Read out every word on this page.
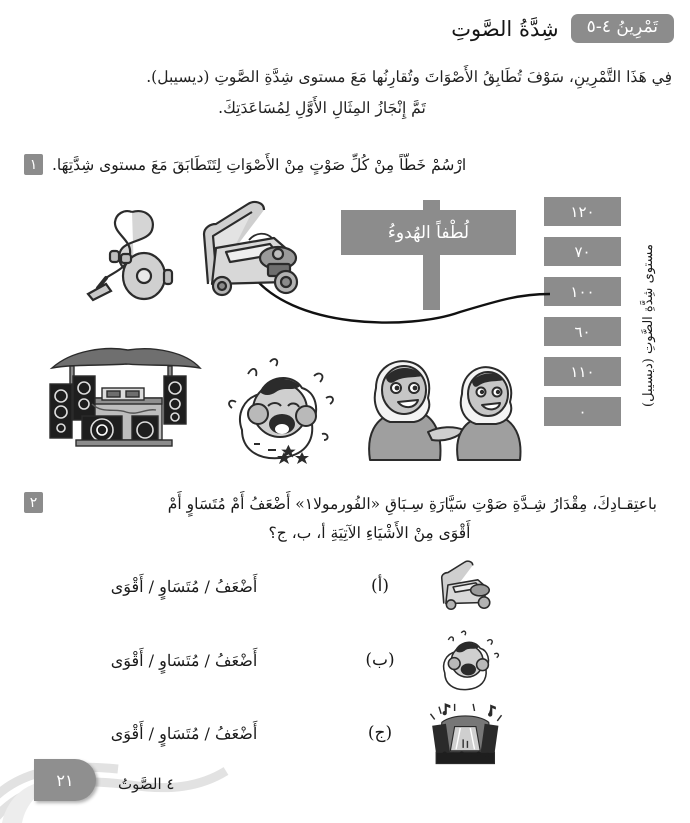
تَمْرِينُ ٤-٥
شِدَّةُ الصَّوتِ
فِي هَذَا التَّمْرِينِ، سَوْفَ تُطَابِقُ الأَصْوَاتَ وتُقارِنُها مَعَ مستوى شِدَّةِ الصَّوتِ (ديسيبل).
تَمَّ إِنْجَازُ المِثَالِ الأَوَّلِ لِمُسَاعَدَتِكَ.
١ ارْسُمْ خَطّاً مِنْ كُلِّ صَوْتٍ مِنْ الأَصْوَاتِ لِتَتَطَابَقَ مَعَ مستوى شِدَّتِهَا.
١٢٠
٧٠
١٠٠
٦٠
١١٠
٠
مستوى شِدَّةِ الصَّوتِ (ديسيبل)
لُطْفاً الهُدوءُ
٢	باعتِقـادِكَ، مِقْدَارُ شِـدَّةِ صَوْتِ سَيَّارَةِ سِـبَاقِ «الفُورمولا١» أَضْعَفُ أَمْ مُتَسَاوٍ أَمْ
أَقْوَى مِنْ الأَشْيَاءِ الآتِيَةِ أ، ب، ج؟
أَضْعَفُ / مُتَسَاوٍ / أَقْوَى	(أ)
أَضْعَفُ / مُتَسَاوٍ / أَقْوَى	(ب)
أَضْعَفُ / مُتَسَاوٍ / أَقْوَى	(ج)
٢١	٤ الصَّوتُ
